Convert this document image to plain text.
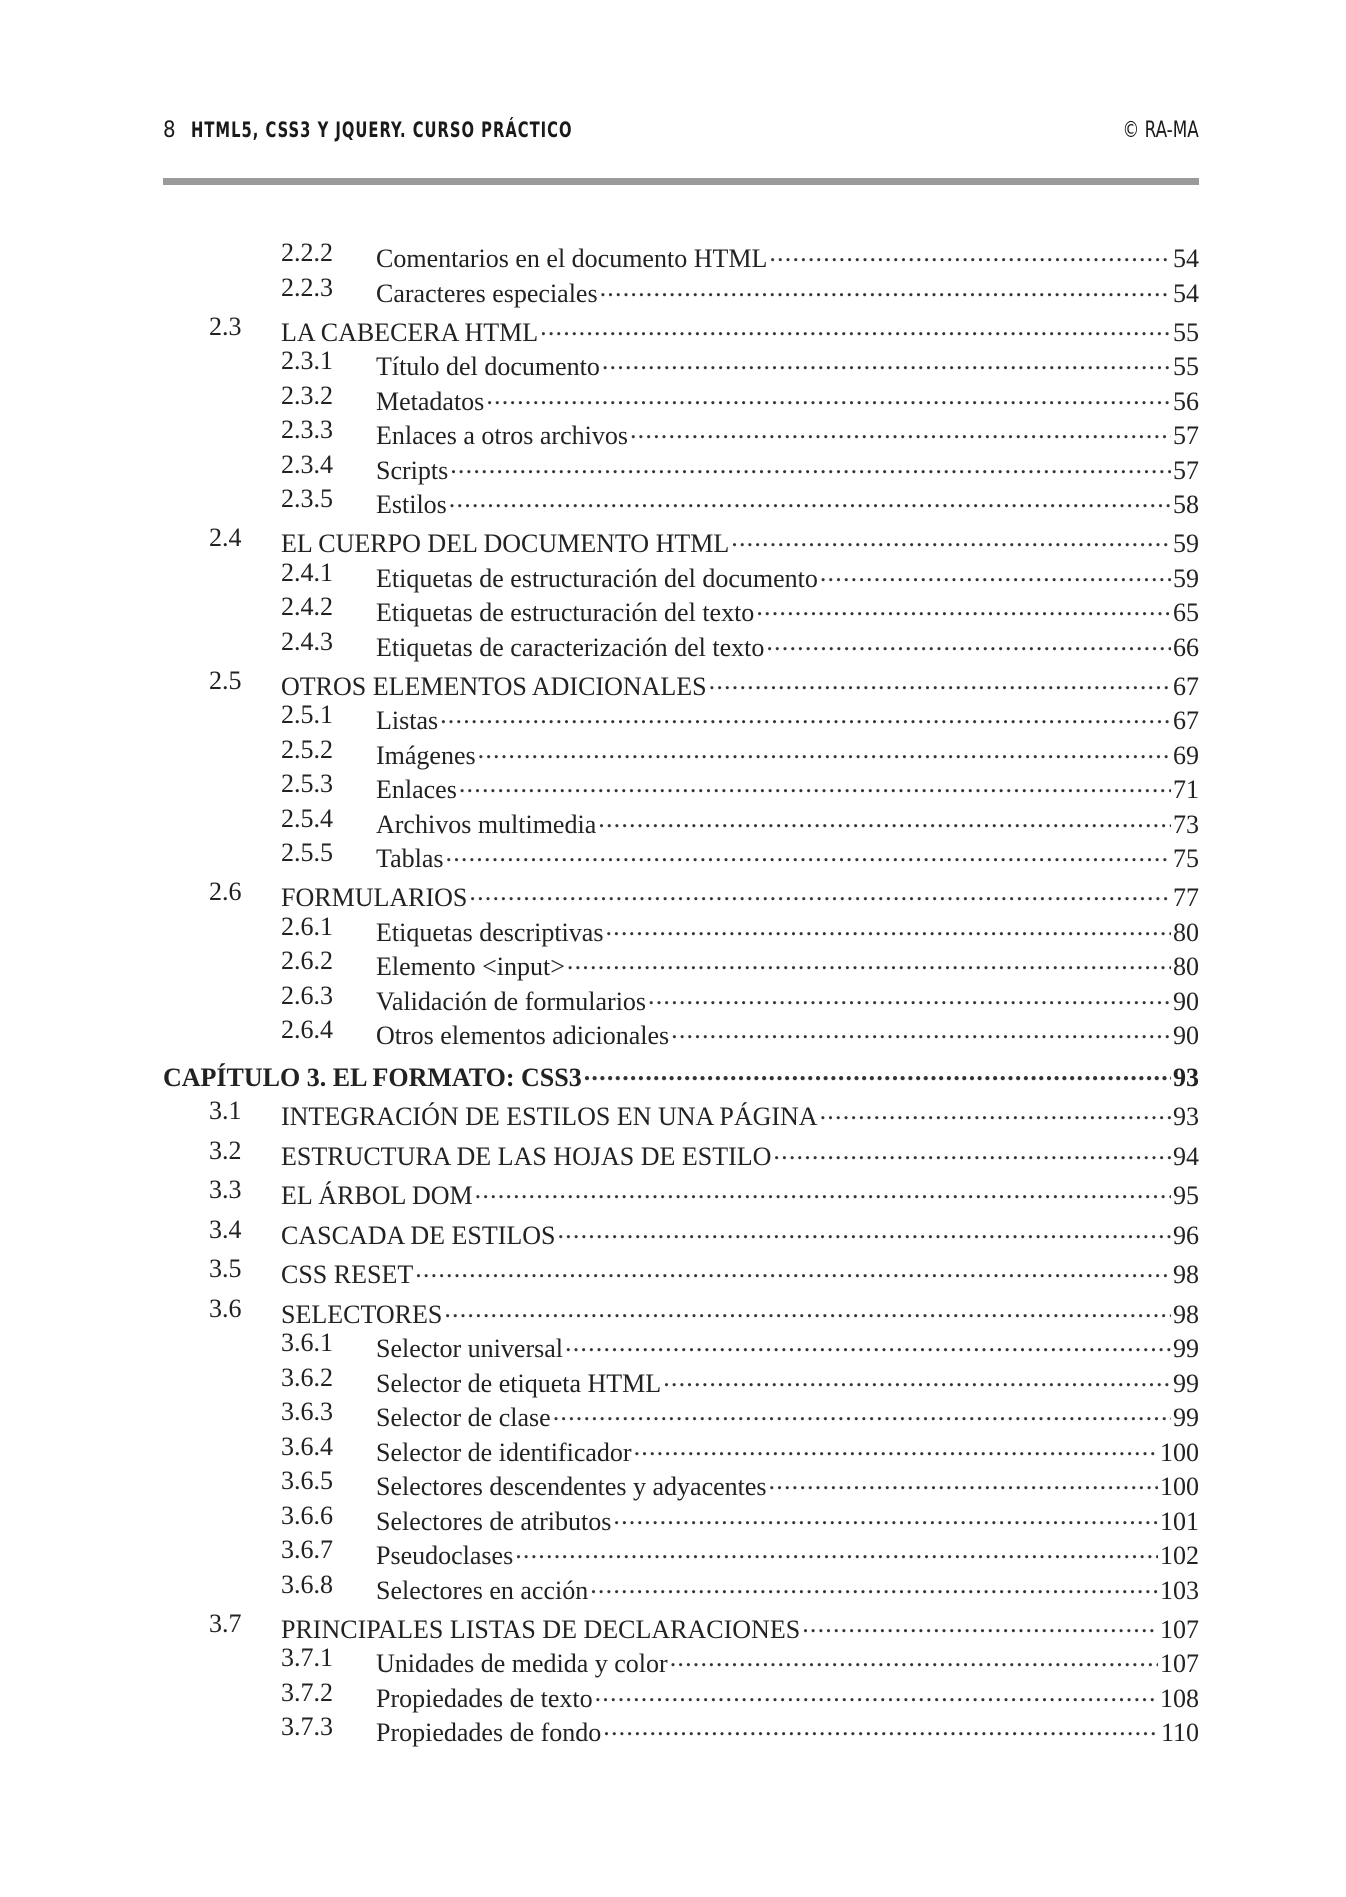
8 HTML5, CSS3 Y JQUERY. CURSO PRÁCTICO	© RA-MA
2.2.2 Comentarios en el documento HTML .....	54
2.2.3 Caracteres especiales .....	54
2.3 LA CABECERA HTML .....	55
2.3.1 Título del documento .....	55
2.3.2 Metadatos .....	56
2.3.3 Enlaces a otros archivos .....	57
2.3.4 Scripts .....	57
2.3.5 Estilos .....	58
2.4 EL CUERPO DEL DOCUMENTO HTML .....	59
2.4.1 Etiquetas de estructuración del documento .....	59
2.4.2 Etiquetas de estructuración del texto .....	65
2.4.3 Etiquetas de caracterización del texto .....	66
2.5 OTROS ELEMENTOS ADICIONALES .....	67
2.5.1 Listas .....	67
2.5.2 Imágenes .....	69
2.5.3 Enlaces .....	71
2.5.4 Archivos multimedia .....	73
2.5.5 Tablas .....	75
2.6 FORMULARIOS .....	77
2.6.1 Etiquetas descriptivas .....	80
2.6.2 Elemento <input> .....	80
2.6.3 Validación de formularios .....	90
2.6.4 Otros elementos adicionales .....	90
CAPÍTULO 3. EL FORMATO: CSS3 .....	93
3.1 INTEGRACIÓN DE ESTILOS EN UNA PÁGINA .....	93
3.2 ESTRUCTURA DE LAS HOJAS DE ESTILO .....	94
3.3 EL ÁRBOL DOM .....	95
3.4 CASCADA DE ESTILOS .....	96
3.5 CSS RESET .....	98
3.6 SELECTORES .....	98
3.6.1 Selector universal .....	99
3.6.2 Selector de etiqueta HTML .....	99
3.6.3 Selector de clase .....	99
3.6.4 Selector de identificador .....	100
3.6.5 Selectores descendentes y adyacentes .....	100
3.6.6 Selectores de atributos .....	101
3.6.7 Pseudoclases .....	102
3.6.8 Selectores en acción .....	103
3.7 PRINCIPALES LISTAS DE DECLARACIONES .....	107
3.7.1 Unidades de medida y color .....	107
3.7.2 Propiedades de texto .....	108
3.7.3 Propiedades de fondo .....	110
